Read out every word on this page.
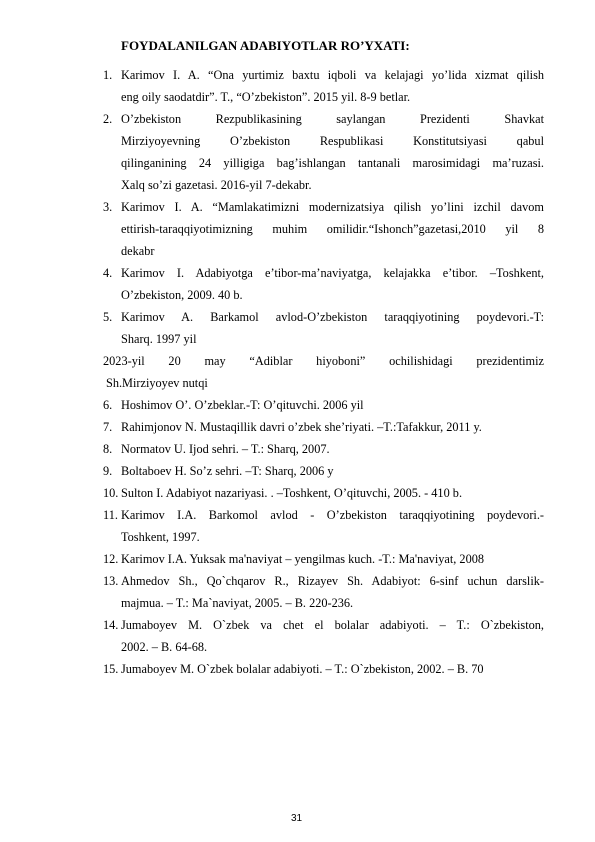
FOYDALANILGAN ADABIYOTLAR RO’YXATI:
1. Karimov I. A. “Ona yurtimiz baxtu iqboli va kelajagi yo’lida xizmat qilish
eng oily saodatdir”. T., “O’zbekiston”. 2015 yil. 8-9 betlar.
2. O’zbekiston Rezpublikasining saylangan Prezidenti Shavkat
Mirziyoyevning O’zbekiston Respublikasi Konstitutsiyasi qabul
qilinganining 24 yilligiga bag’ishlangan tantanali marosimidagi ma’ruzasi.
Xalq so’zi gazetasi. 2016-yil 7-dekabr.
3. Karimov I. A. “Mamlakatimizni modernizatsiya qilish yo’lini izchil davom
ettirish-taraqqiyotimizning muhim omilidir.“Ishonch”gazetasi,2010 yil 8
dekabr
4. Karimov I. Adabiyotga e’tibor-ma’naviyatga, kelajakka e’tibor. –Toshkent,
O’zbekiston, 2009. 40 b.
5. Karimov A. Barkamol avlod-O’zbekiston taraqqiyotining poydevori.-T:
Sharq. 1997 yil
2023-yil 20 may “Adiblar hiyoboni” ochilishidagi prezidentimiz
Sh.Mirziyoyev nutqi
6. Hoshimov O’. O’zbeklar.-T: O’qituvchi. 2006 yil
7. Rahimjonov N. Mustaqillik davri o’zbek she’riyati. –T.:Tafakkur, 2011 y.
8. Normatov U. Ijod sehri. – T.: Sharq, 2007.
9. Boltaboev H. So’z sehri. –T: Sharq, 2006 y
10. Sulton I. Adabiyot nazariyasi. . –Toshkent, O’qituvchi, 2005. - 410 b.
11. Karimov I.A. Barkomol avlod - O’zbekiston taraqqiyotining poydevori.-
Toshkent, 1997.
12. Karimov I.A. Yuksak ma'naviyat – yengilmas kuch. -T.: Ma'naviyat, 2008
13. Ahmedov Sh., Qo`chqarov R., Rizayev Sh. Adabiyot: 6-sinf uchun darslik-
majmua. – T.: Ma`naviyat, 2005. – B. 220-236.
14. Jumaboyev M. O`zbek va chet el bolalar adabiyoti. – T.: O`zbekiston,
2002. – B. 64-68.
15. Jumaboyev M. O`zbek bolalar adabiyoti. – T.: O`zbekiston, 2002. – B. 70
31
